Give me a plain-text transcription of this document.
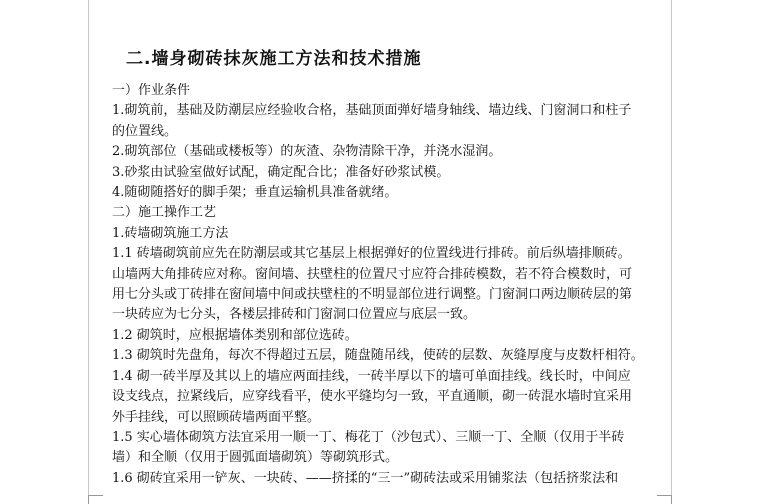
二.墙身砌砖抹灰施工方法和技术措施

一）作业条件

1.砌筑前，基础及防潮层应经验收合格，基础顶面弹好墙身轴线、墙边线、门窗洞口和柱子

的位置线。

2.砌筑部位（基础或楼板等）的灰渣、杂物清除干净，并浇水湿润。

3.砂浆由试验室做好试配，确定配合比；准备好砂浆试模。

4.随砌随搭好的脚手架；垂直运输机具准备就绪。

二）施工操作工艺

1.砖墙砌筑施工方法

1.1 砖墙砌筑前应先在防潮层或其它基层上根据弹好的位置线进行排砖。前后纵墙排顺砖。

山墙两大角排砖应对称。窗间墙、扶壁柱的位置尺寸应符合排砖模数，若不符合模数时，可

用七分头或丁砖排在窗间墙中间或扶壁柱的不明显部位进行调整。门窗洞口两边顺砖层的第

一块砖应为七分头，各楼层排砖和门窗洞口位置应与底层一致。

1.2 砌筑时，应根据墙体类别和部位选砖。

1.3 砌筑时先盘角，每次不得超过五层，随盘随吊线，使砖的层数、灰缝厚度与皮数杆相符。

1.4 砌一砖半厚及其以上的墙应两面挂线，一砖半厚以下的墙可单面挂线。线长时，中间应

设支线点，拉紧线后，应穿线看平，使水平缝均匀一致，平直通顺，砌一砖混水墙时宜采用

外手挂线，可以照顾砖墙两面平整。

1.5 实心墙体砌筑方法宜采用一顺一丁、梅花丁（沙包式）、三顺一丁、全顺（仅用于半砖

墙）和全顺（仅用于圆弧面墙砌筑）等砌筑形式。

1.6 砌砖宜采用一铲灰、一块砖、——挤揉的“三一”砌砖法或采用铺浆法（包括挤浆法和
